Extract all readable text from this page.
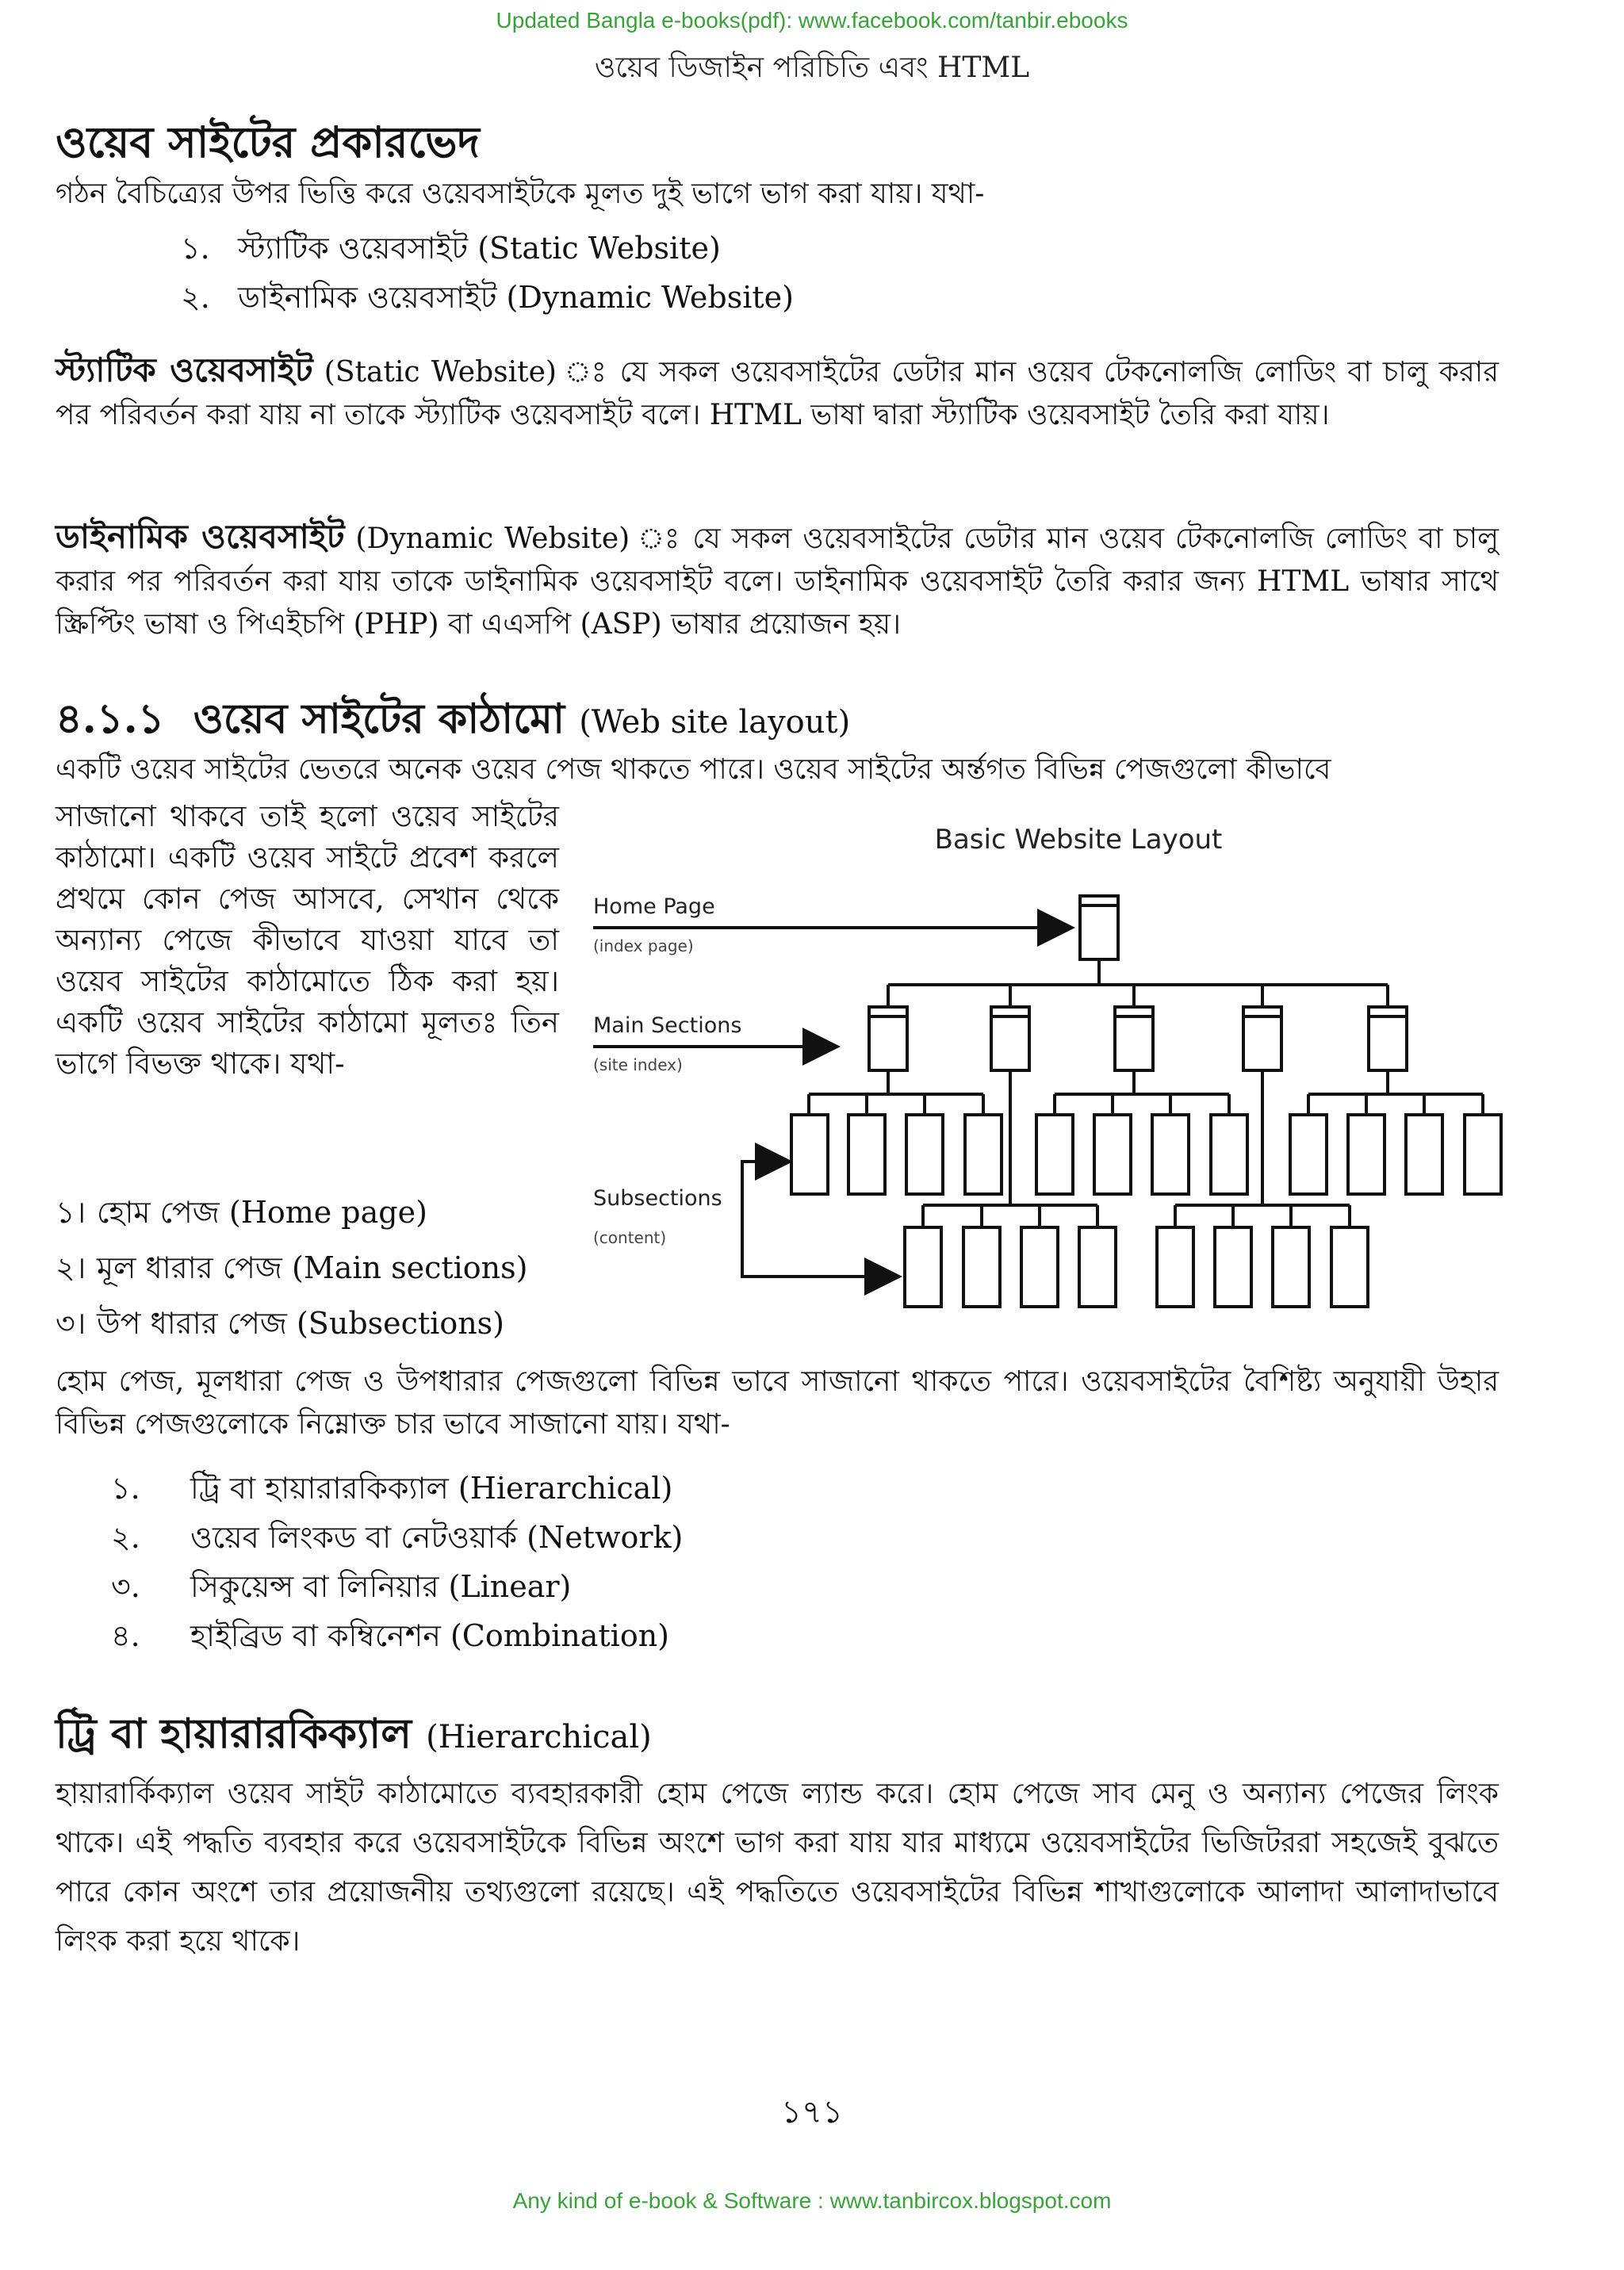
Updated Bangla e-books(pdf): www.facebook.com/tanbir.ebooks
ওয়েব ডিজাইন পরিচিতি এবং HTML
ওয়েব সাইটের প্রকারভেদ
গঠন বৈচিত্র্যের উপর ভিত্তি করে ওয়েবসাইটকে মূলত দুই ভাগে ভাগ করা যায়। যথা-
১. স্ট্যাটিক ওয়েবসাইট (Static Website)
২. ডাইনামিক ওয়েবসাইট (Dynamic Website)
স্ট্যাটিক ওয়েবসাইট (Static Website) ঃ যে সকল ওয়েবসাইটের ডেটার মান ওয়েব টেকনোলজি লোডিং বা চালু করার পর পরিবর্তন করা যায় না তাকে স্ট্যাটিক ওয়েবসাইট বলে। HTML ভাষা দ্বারা স্ট্যাটিক ওয়েবসাইট তৈরি করা যায়।
ডাইনামিক ওয়েবসাইট (Dynamic Website) ঃ যে সকল ওয়েবসাইটের ডেটার মান ওয়েব টেকনোলজি লোডিং বা চালু করার পর পরিবর্তন করা যায় তাকে ডাইনামিক ওয়েবসাইট বলে। ডাইনামিক ওয়েবসাইট তৈরি করার জন্য HTML ভাষার সাথে স্ক্রিপ্টিং ভাষা ও পিএইচপি (PHP) বা এএসপি (ASP) ভাষার প্রয়োজন হয়।
৪.১.১ ওয়েব সাইটের কাঠামো (Web site layout)
একটি ওয়েব সাইটের ভেতরে অনেক ওয়েব পেজ থাকতে পারে। ওয়েব সাইটের অর্ন্তগত বিভিন্ন পেজগুলো কীভাবে
সাজানো থাকবে তাই হলো ওয়েব সাইটের কাঠামো। একটি ওয়েব সাইটে প্রবেশ করলে প্রথমে কোন পেজ আসবে, সেখান থেকে অন্যান্য পেজে কীভাবে যাওয়া যাবে তা ওয়েব সাইটের কাঠামোতে ঠিক করা হয়। একটি ওয়েব সাইটের কাঠামো মূলতঃ তিন ভাগে বিভক্ত থাকে। যথা-
১। হোম পেজ (Home page)
২। মূল ধারার পেজ (Main sections)
৩। উপ ধারার পেজ (Subsections)
Basic Website Layout
Home Page
(index page)
Main Sections
(site index)
Subsections
(content)
হোম পেজ, মূলধারা পেজ ও উপধারার পেজগুলো বিভিন্ন ভাবে সাজানো থাকতে পারে। ওয়েবসাইটের বৈশিষ্ট্য অনুযায়ী উহার বিভিন্ন পেজগুলোকে নিম্নোক্ত চার ভাবে সাজানো যায়। যথা-
১. ট্রি বা হায়ারারকিক্যাল (Hierarchical)
২. ওয়েব লিংকড বা নেটওয়ার্ক (Network)
৩. সিকুয়েন্স বা লিনিয়ার (Linear)
৪. হাইব্রিড বা কম্বিনেশন (Combination)
ট্রি বা হায়ারারকিক্যাল (Hierarchical)
হায়ারার্কিক্যাল ওয়েব সাইট কাঠামোতে ব্যবহারকারী হোম পেজে ল্যান্ড করে। হোম পেজে সাব মেনু ও অন্যান্য পেজের লিংক থাকে। এই পদ্ধতি ব্যবহার করে ওয়েবসাইটকে বিভিন্ন অংশে ভাগ করা যায় যার মাধ্যমে ওয়েবসাইটের ভিজিটররা সহজেই বুঝতে পারে কোন অংশে তার প্রয়োজনীয় তথ্যগুলো রয়েছে। এই পদ্ধতিতে ওয়েবসাইটের বিভিন্ন শাখাগুলোকে আলাদা আলাদাভাবে লিংক করা হয়ে থাকে।
১৭১
Any kind of e-book & Software : www.tanbircox.blogspot.com
